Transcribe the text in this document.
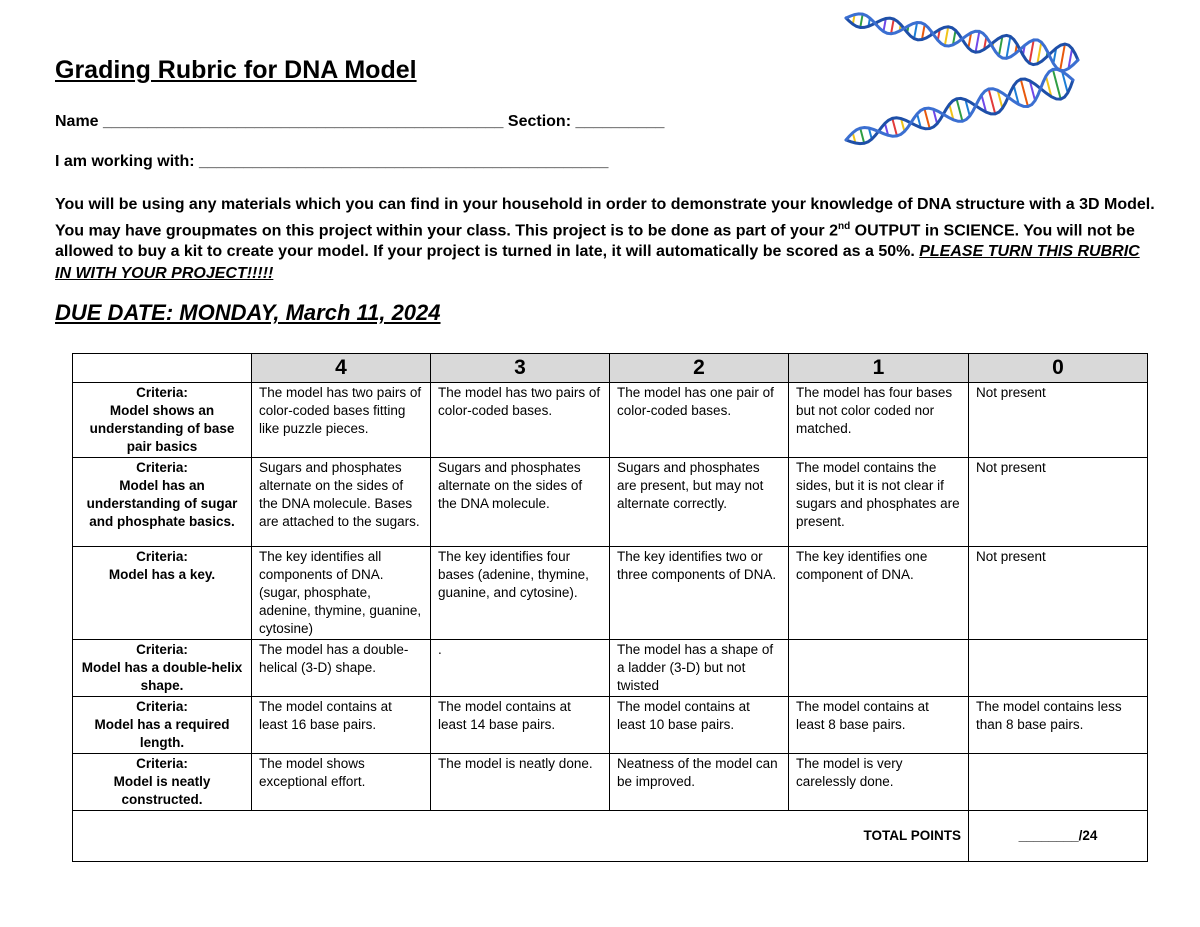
Grading Rubric for DNA Model
Name _____________________________________________ Section: __________
I am working with: ______________________________________________

You will be using any materials which you can find in your household in order to demonstrate your knowledge of DNA structure with a 3D Model. You may have groupmates on this project within your class. This project is to be done as part of your 2nd OUTPUT in SCIENCE. You will not be allowed to buy a kit to create your model. If your project is turned in late, it will automatically be scored as a 50%. PLEASE TURN THIS RUBRIC IN WITH YOUR PROJECT!!!!!

DUE DATE: MONDAY, March 11, 2024
	4	3	2	1	0

Criteria:
Model shows an understanding of base pair basics	The model has two pairs of color-coded bases fitting like puzzle pieces.	The model has two pairs of color-coded bases.	The model has one pair of color-coded bases.	The model has four bases but not color coded nor matched.	Not present

Criteria:
Model has an understanding of sugar and phosphate basics.	Sugars and phosphates alternate on the sides of the DNA molecule. Bases are attached to the sugars.	Sugars and phosphates alternate on the sides of the DNA molecule.	Sugars and phosphates are present, but may not alternate correctly.	The model contains the sides, but it is not clear if sugars and phosphates are present.	Not present

Criteria:
Model has a key.	The key identifies all components of DNA. (sugar, phosphate, adenine, thymine, guanine, cytosine)	The key identifies four bases (adenine, thymine, guanine, and cytosine).	The key identifies two or three components of DNA.	The key identifies one component of DNA.	Not present

Criteria:
Model has a double-helix shape.	The model has a double-helical (3-D) shape.	.	The model has a shape of a ladder (3-D) but not twisted		

Criteria:
Model has a required length.	The model contains at least 16 base pairs.	The model contains at least 14 base pairs.	The model contains at least 10 base pairs.	The model contains at least 8 base pairs.	The model contains less than 8 base pairs.

Criteria:
Model is neatly constructed.	The model shows exceptional effort.	The model is neatly done.	Neatness of the model can be improved.	The model is very carelessly done.	
TOTAL POINTS					________/24
